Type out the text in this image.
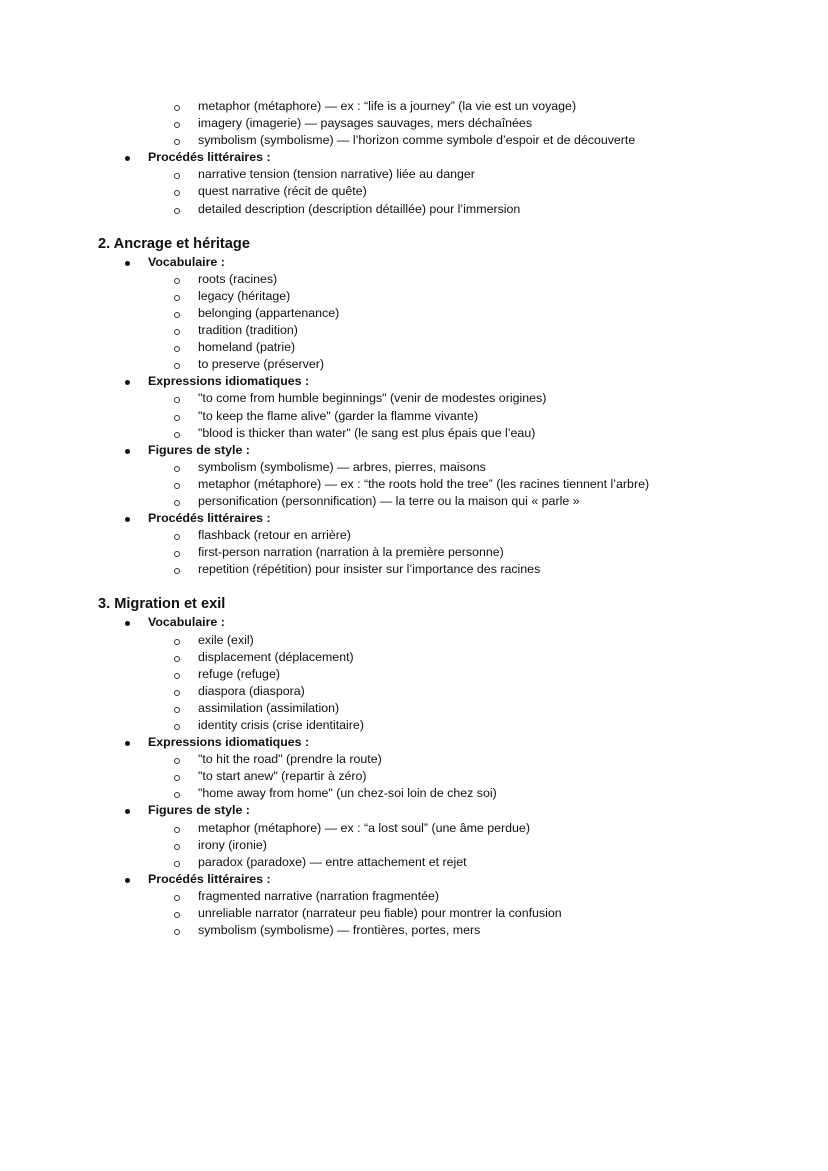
metaphor (métaphore) — ex : “life is a journey” (la vie est un voyage)
imagery (imagerie) — paysages sauvages, mers déchaînées
symbolism (symbolisme) — l’horizon comme symbole d’espoir et de découverte
Procédés littéraires :
narrative tension (tension narrative) liée au danger
quest narrative (récit de quête)
detailed description (description détaillée) pour l’immersion
2. Ancrage et héritage
Vocabulaire :
roots (racines)
legacy (héritage)
belonging (appartenance)
tradition (tradition)
homeland (patrie)
to preserve (préserver)
Expressions idiomatiques :
"to come from humble beginnings" (venir de modestes origines)
"to keep the flame alive" (garder la flamme vivante)
"blood is thicker than water" (le sang est plus épais que l’eau)
Figures de style :
symbolism (symbolisme) — arbres, pierres, maisons
metaphor (métaphore) — ex : “the roots hold the tree” (les racines tiennent l’arbre)
personification (personnification) — la terre ou la maison qui « parle »
Procédés littéraires :
flashback (retour en arrière)
first-person narration (narration à la première personne)
repetition (répétition) pour insister sur l’importance des racines
3. Migration et exil
Vocabulaire :
exile (exil)
displacement (déplacement)
refuge (refuge)
diaspora (diaspora)
assimilation (assimilation)
identity crisis (crise identitaire)
Expressions idiomatiques :
"to hit the road" (prendre la route)
"to start anew" (repartir à zéro)
"home away from home" (un chez-soi loin de chez soi)
Figures de style :
metaphor (métaphore) — ex : “a lost soul” (une âme perdue)
irony (ironie)
paradox (paradoxe) — entre attachement et rejet
Procédés littéraires :
fragmented narrative (narration fragmentée)
unreliable narrator (narrateur peu fiable) pour montrer la confusion
symbolism (symbolisme) — frontières, portes, mers
